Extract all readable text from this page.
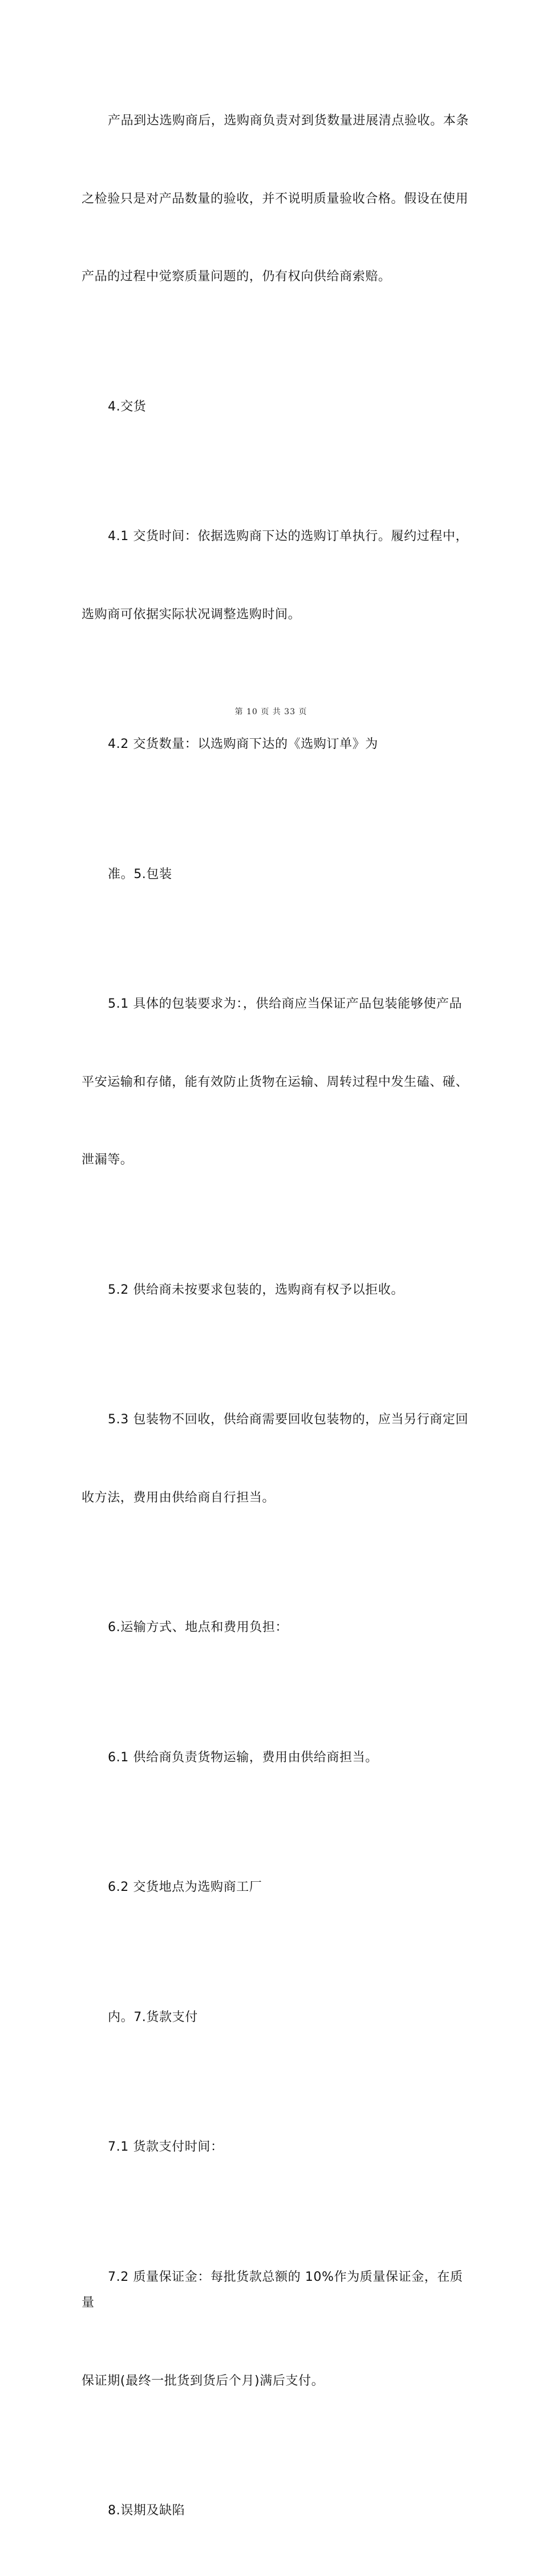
产品到达选购商后，选购商负责对到货数量进展清点验收。本条

之检验只是对产品数量的验收，并不说明质量验收合格。假设在使用

产品的过程中觉察质量问题的，仍有权向供给商索赔。

4.交货

4.1 交货时间：依据选购商下达的选购订单执行。履约过程中，

选购商可依据实际状况调整选购时间。

4.2 交货数量：以选购商下达的《选购订单》为

准。5.包装

5.1 具体的包装要求为：，供给商应当保证产品包装能够使产品

平安运输和存储，能有效防止货物在运输、周转过程中发生磕、碰、

泄漏等。

5.2 供给商未按要求包装的，选购商有权予以拒收。

5.3 包装物不回收，供给商需要回收包装物的，应当另行商定回

收方法，费用由供给商自行担当。

6.运输方式、地点和费用负担：

6.1 供给商负责货物运输，费用由供给商担当。

6.2 交货地点为选购商工厂

内。7.货款支付

7.1 货款支付时间：

7.2 质量保证金：每批货款总额的 10%作为质量保证金，在质量

保证期(最终一批货到货后个月)满后支付。

8.误期及缺陷

第 10 页 共 33 页
